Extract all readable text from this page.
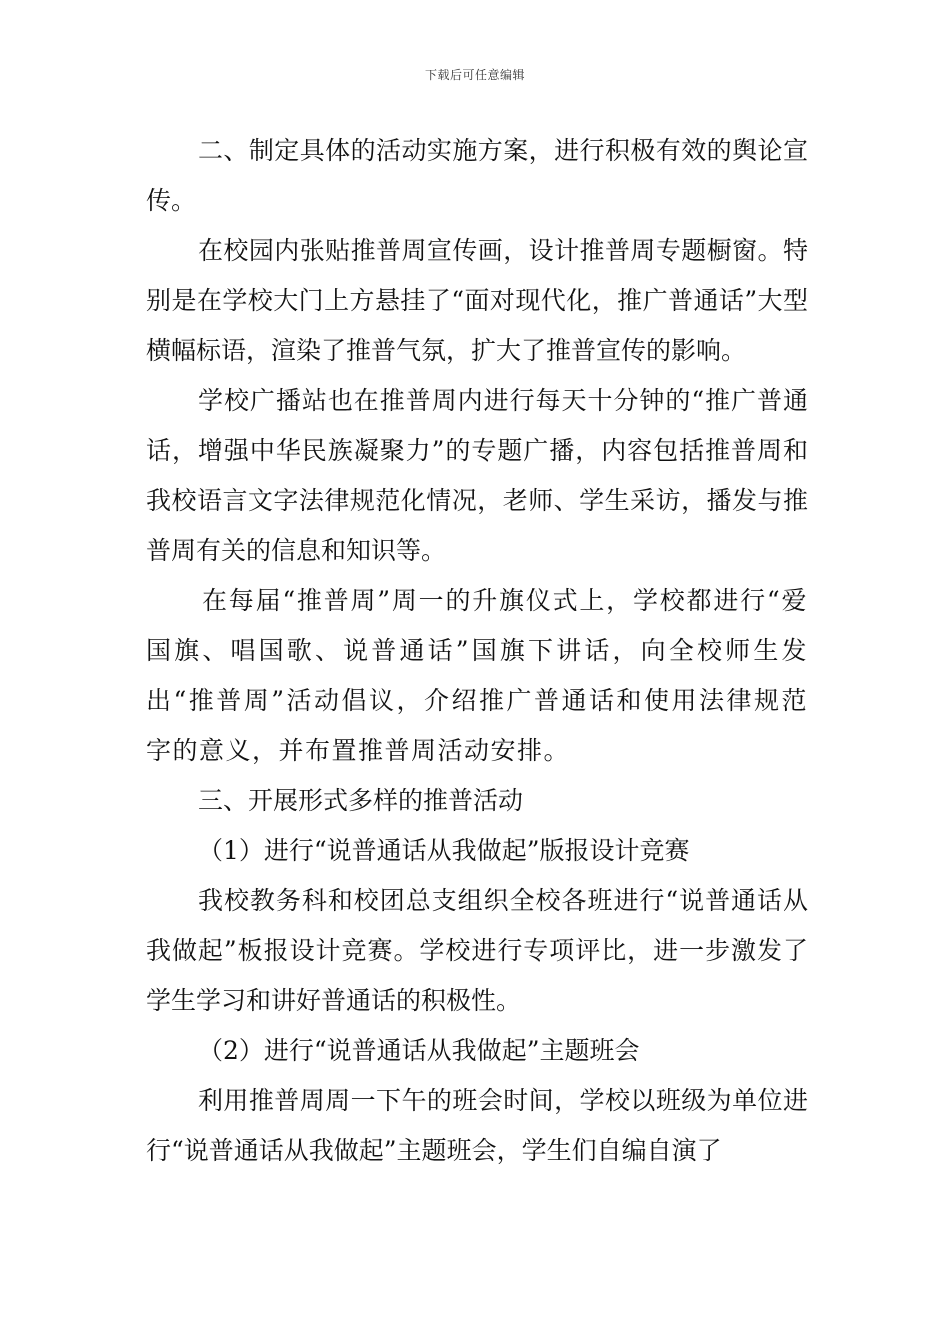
下载后可任意编辑

二、制定具体的活动实施方案，进行积极有效的舆论宣传。

在校园内张贴推普周宣传画，设计推普周专题橱窗。特别是在学校大门上方悬挂了“面对现代化，推广普通话”大型横幅标语，渲染了推普气氛，扩大了推普宣传的影响。

学校广播站也在推普周内进行每天十分钟的“推广普通话，增强中华民族凝聚力”的专题广播，内容包括推普周和我校语言文字法律规范化情况，老师、学生采访，播发与推普周有关的信息和知识等。

在每届“推普周”周一的升旗仪式上，学校都进行“爱国旗、唱国歌、说普通话”国旗下讲话，向全校师生发出“推普周”活动倡议，介绍推广普通话和使用法律规范字的意义，并布置推普周活动安排。

三、开展形式多样的推普活动

（1）进行“说普通话从我做起”版报设计竞赛

我校教务科和校团总支组织全校各班进行“说普通话从我做起”板报设计竞赛。学校进行专项评比，进一步激发了学生学习和讲好普通话的积极性。

（2）进行“说普通话从我做起”主题班会

利用推普周周一下午的班会时间，学校以班级为单位进行“说普通话从我做起”主题班会，学生们自编自演了
